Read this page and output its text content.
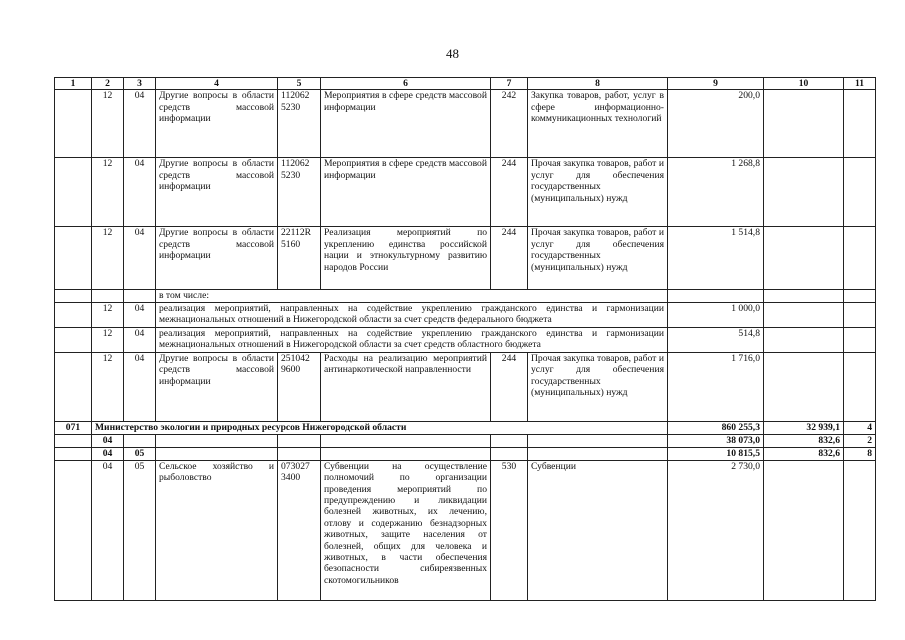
48
1	2	3	4	5	6	7	8	9	10	11
	12	04	Другие вопросы в области средств массовой информации	112062 5230	Мероприятия в сфере средств массовой информации	242	Закупка товаров, работ, услуг в сфере информационно-коммуникационных технологий	200,0		
	12	04	Другие вопросы в области средств массовой информации	112062 5230	Мероприятия в сфере средств массовой информации	244	Прочая закупка товаров, работ и услуг для обеспечения государственных (муниципальных) нужд	1 268,8		
	12	04	Другие вопросы в области средств массовой информации	22112R 5160	Реализация мероприятий по укреплению единства российской нации и этнокультурному развитию народов России	244	Прочая закупка товаров, работ и услуг для обеспечения государственных (муниципальных) нужд	1 514,8		
			в том числе:							
	12	04	реализация мероприятий, направленных на содействие укреплению гражданского единства и гармонизации межнациональных отношений в Нижегородской области за счет средств федерального бюджета					1 000,0		
	12	04	реализация мероприятий, направленных на содействие укреплению гражданского единства и гармонизации межнациональных отношений в Нижегородской области за счет средств областного бюджета					514,8		
	12	04	Другие вопросы в области средств массовой информации	251042 9600	Расходы на реализацию мероприятий антинаркотической направленности	244	Прочая закупка товаров, работ и услуг для обеспечения государственных (муниципальных) нужд	1 716,0		
071	Министерство экологии и природных ресурсов Нижегородской области							860 255,3	32 939,1	4
	04							38 073,0	832,6	2
	04	05						10 815,5	832,6	8
	04	05	Сельское хозяйство и рыболовство	073027 3400	Субвенции на осуществление полномочий по организации проведения мероприятий по предупреждению и ликвидации болезней животных, их лечению, отлову и содержанию безнадзорных животных, защите населения от болезней, общих для человека и животных, в части обеспечения безопасности сибиреязвенных скотомогильников	530	Субвенции	2 730,0		
